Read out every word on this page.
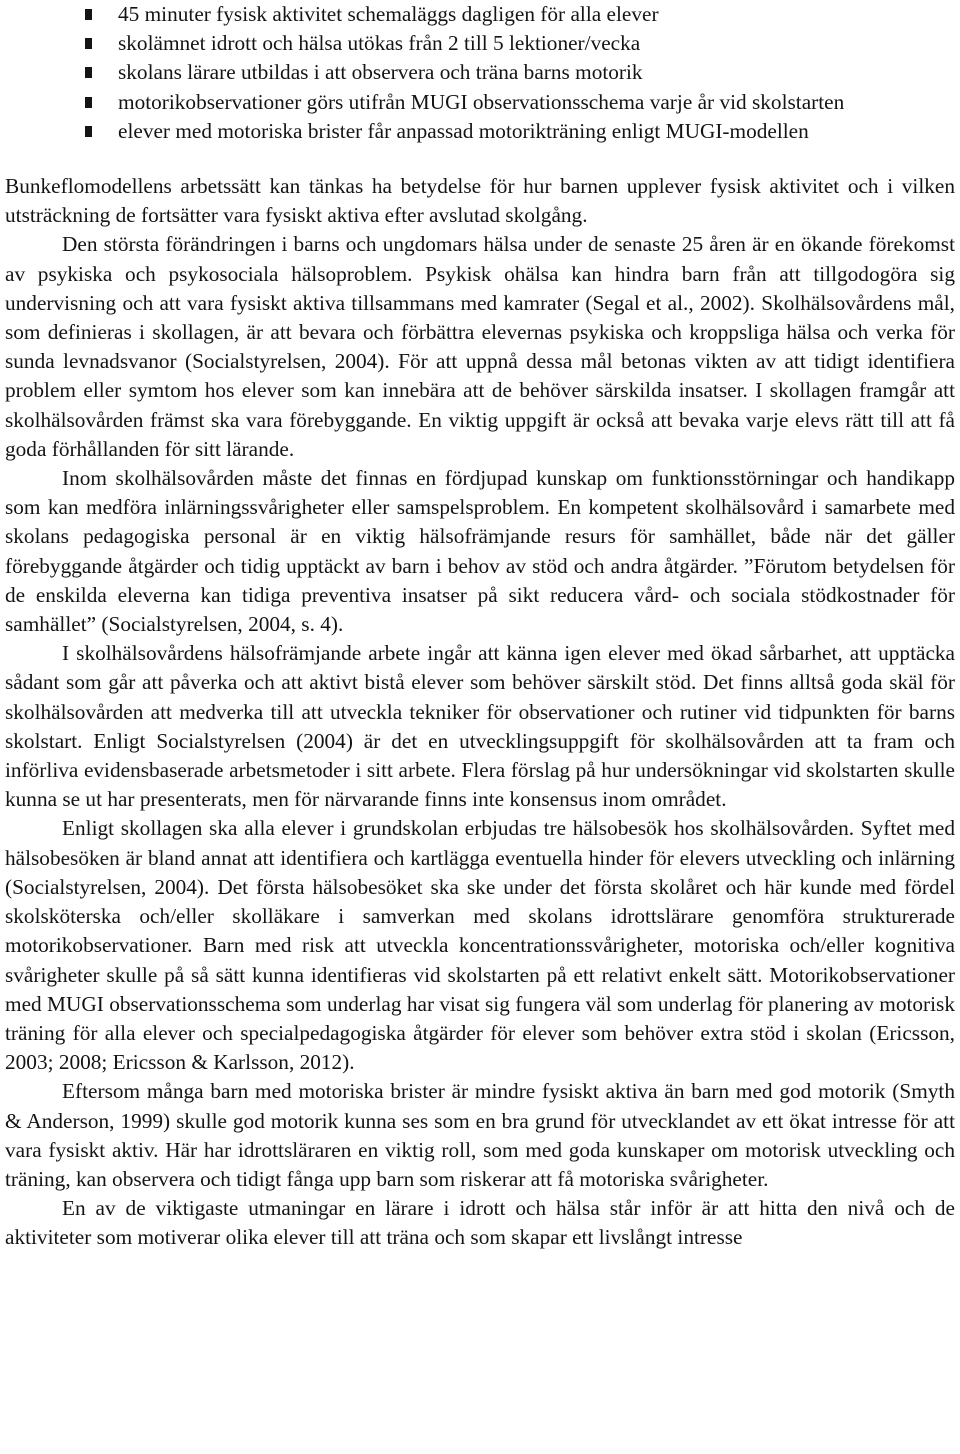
45 minuter fysisk aktivitet schemaläggs dagligen för alla elever
skolämnet idrott och hälsa utökas från 2 till 5 lektioner/vecka
skolans lärare utbildas i att observera och träna barns motorik
motorikobservationer görs utifrån MUGI observationsschema varje år vid skolstarten
elever med motoriska brister får anpassad motorikträning enligt MUGI-modellen

Bunkeflomodellens arbetssätt kan tänkas ha betydelse för hur barnen upplever fysisk aktivitet och i vilken utsträckning de fortsätter vara fysiskt aktiva efter avslutad skolgång.

Den största förändringen i barns och ungdomars hälsa under de senaste 25 åren är en ökande förekomst av psykiska och psykosociala hälsoproblem. Psykisk ohälsa kan hindra barn från att tillgodogöra sig undervisning och att vara fysiskt aktiva tillsammans med kamrater (Segal et al., 2002). Skolhälsovårdens mål, som definieras i skollagen, är att bevara och förbättra elevernas psykiska och kroppsliga hälsa och verka för sunda levnadsvanor (Socialstyrelsen, 2004). För att uppnå dessa mål betonas vikten av att tidigt identifiera problem eller symtom hos elever som kan innebära att de behöver särskilda insatser. I skollagen framgår att skolhälsovården främst ska vara förebyggande. En viktig uppgift är också att bevaka varje elevs rätt till att få goda förhållanden för sitt lärande.

Inom skolhälsovården måste det finnas en fördjupad kunskap om funktionsstörningar och handikapp som kan medföra inlärningssvårigheter eller samspelsproblem. En kompetent skolhälsovård i samarbete med skolans pedagogiska personal är en viktig hälsofrämjande resurs för samhället, både när det gäller förebyggande åtgärder och tidig upptäckt av barn i behov av stöd och andra åtgärder. ”Förutom betydelsen för de enskilda eleverna kan tidiga preventiva insatser på sikt reducera vård- och sociala stödkostnader för samhället” (Socialstyrelsen, 2004, s. 4).

I skolhälsovårdens hälsofrämjande arbete ingår att känna igen elever med ökad sårbarhet, att upptäcka sådant som går att påverka och att aktivt bistå elever som behöver särskilt stöd. Det finns alltså goda skäl för skolhälsovården att medverka till att utveckla tekniker för observationer och rutiner vid tidpunkten för barns skolstart. Enligt Socialstyrelsen (2004) är det en utvecklingsuppgift för skolhälsovården att ta fram och införliva evidensbaserade arbetsmetoder i sitt arbete. Flera förslag på hur undersökningar vid skolstarten skulle kunna se ut har presenterats, men för närvarande finns inte konsensus inom området.

Enligt skollagen ska alla elever i grundskolan erbjudas tre hälsobesök hos skolhälsovården. Syftet med hälsobesöken är bland annat att identifiera och kartlägga eventuella hinder för elevers utveckling och inlärning (Socialstyrelsen, 2004). Det första hälsobesöket ska ske under det första skolåret och här kunde med fördel skolsköterska och/eller skolläkare i samverkan med skolans idrottslärare genomföra strukturerade motorikobservationer. Barn med risk att utveckla koncentrationssvårigheter, motoriska och/eller kognitiva svårigheter skulle på så sätt kunna identifieras vid skolstarten på ett relativt enkelt sätt. Motorikobservationer med MUGI observationsschema som underlag har visat sig fungera väl som underlag för planering av motorisk träning för alla elever och specialpedagogiska åtgärder för elever som behöver extra stöd i skolan (Ericsson, 2003; 2008; Ericsson & Karlsson, 2012).

Eftersom många barn med motoriska brister är mindre fysiskt aktiva än barn med god motorik (Smyth & Anderson, 1999) skulle god motorik kunna ses som en bra grund för utvecklandet av ett ökat intresse för att vara fysiskt aktiv. Här har idrottsläraren en viktig roll, som med goda kunskaper om motorisk utveckling och träning, kan observera och tidigt fånga upp barn som riskerar att få motoriska svårigheter.

En av de viktigaste utmaningar en lärare i idrott och hälsa står inför är att hitta den nivå och de aktiviteter som motiverar olika elever till att träna och som skapar ett livslångt intresse
